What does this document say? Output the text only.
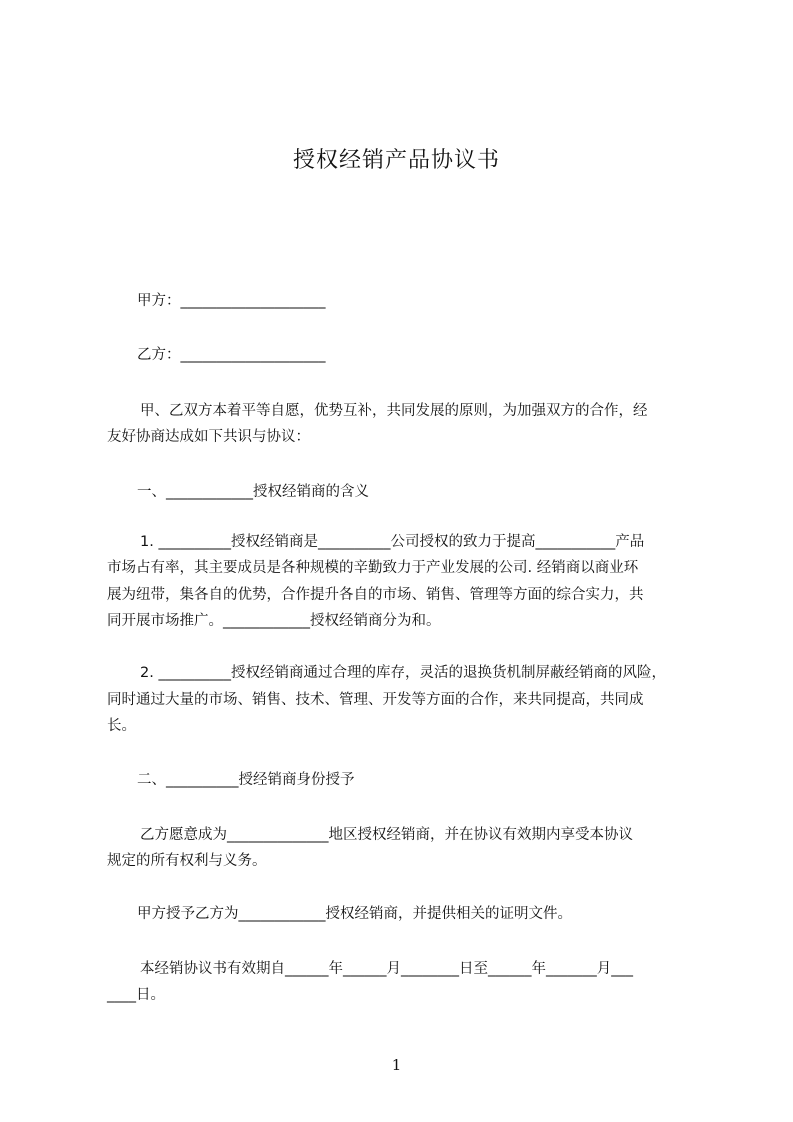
授权经销产品协议书
甲方：____________________
乙方：____________________
甲、乙双方本着平等自愿，优势互补，共同发展的原则，为加强双方的合作，经
友好协商达成如下共识与协议：
一、____________授权经销商的含义
1. __________授权经销商是__________公司授权的致力于提高___________产品
市场占有率，其主要成员是各种规模的辛勤致力于产业发展的公司. 经销商以商业环
展为纽带，集各自的优势，合作提升各自的市场、销售、管理等方面的综合实力，共
同开展市场推广。____________授权经销商分为和。
2. __________授权经销商通过合理的库存，灵活的退换货机制屏蔽经销商的风险，
同时通过大量的市场、销售、技术、管理、开发等方面的合作，来共同提高，共同成
长。
二、__________授经销商身份授予
乙方愿意成为______________地区授权经销商，并在协议有效期内享受本协议
规定的所有权利与义务。
甲方授予乙方为____________授权经销商，并提供相关的证明文件。
本经销协议书有效期自______年______月________日至______年_______月___
____日。
1
